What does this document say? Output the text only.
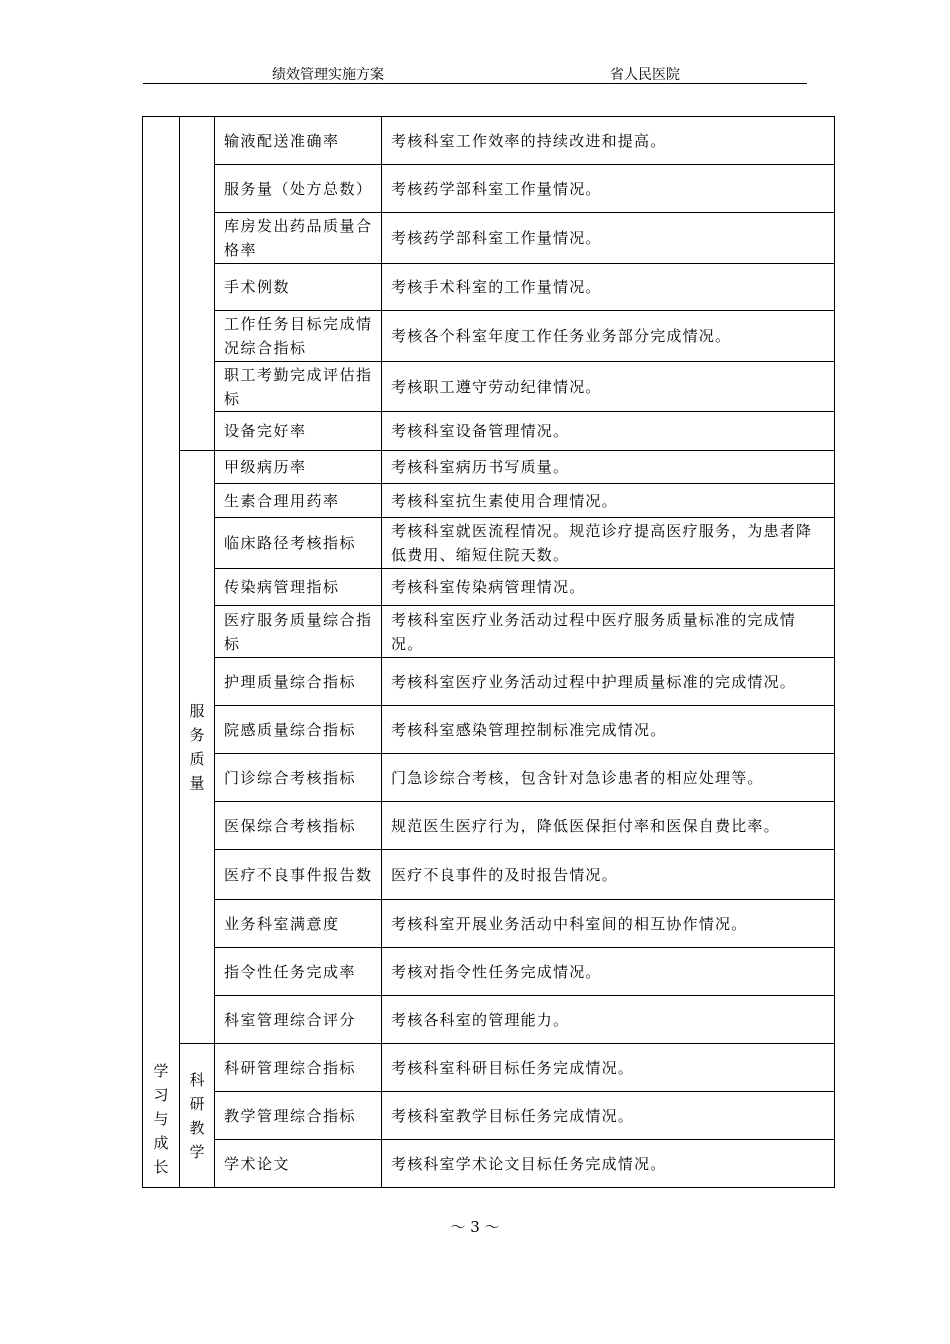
绩效管理实施方案	省人民医院
学习与成长		输液配送准确率	考核科室工作效率的持续改进和提高。
		服务量（处方总数）	考核药学部科室工作量情况。
		库房发出药品质量合格率	考核药学部科室工作量情况。
		手术例数	考核手术科室的工作量情况。
		工作任务目标完成情况综合指标	考核各个科室年度工作任务业务部分完成情况。
		职工考勤完成评估指标	考核职工遵守劳动纪律情况。
		设备完好率	考核科室设备管理情况。
	服务质量	甲级病历率	考核科室病历书写质量。
		生素合理用药率	考核科室抗生素使用合理情况。
		临床路径考核指标	考核科室就医流程情况。规范诊疗提高医疗服务，为患者降低费用、缩短住院天数。
		传染病管理指标	考核科室传染病管理情况。
		医疗服务质量综合指标	考核科室医疗业务活动过程中医疗服务质量标准的完成情况。
		护理质量综合指标	考核科室医疗业务活动过程中护理质量标准的完成情况。
		院感质量综合指标	考核科室感染管理控制标准完成情况。
		门诊综合考核指标	门急诊综合考核，包含针对急诊患者的相应处理等。
		医保综合考核指标	规范医生医疗行为，降低医保拒付率和医保自费比率。
		医疗不良事件报告数	医疗不良事件的及时报告情况。
		业务科室满意度	考核科室开展业务活动中科室间的相互协作情况。
		指令性任务完成率	考核对指令性任务完成情况。
		科室管理综合评分	考核各科室的管理能力。
	科研教学	科研管理综合指标	考核科室科研目标任务完成情况。
		教学管理综合指标	考核科室教学目标任务完成情况。
		学术论文	考核科室学术论文目标任务完成情况。
～ 3 ～
